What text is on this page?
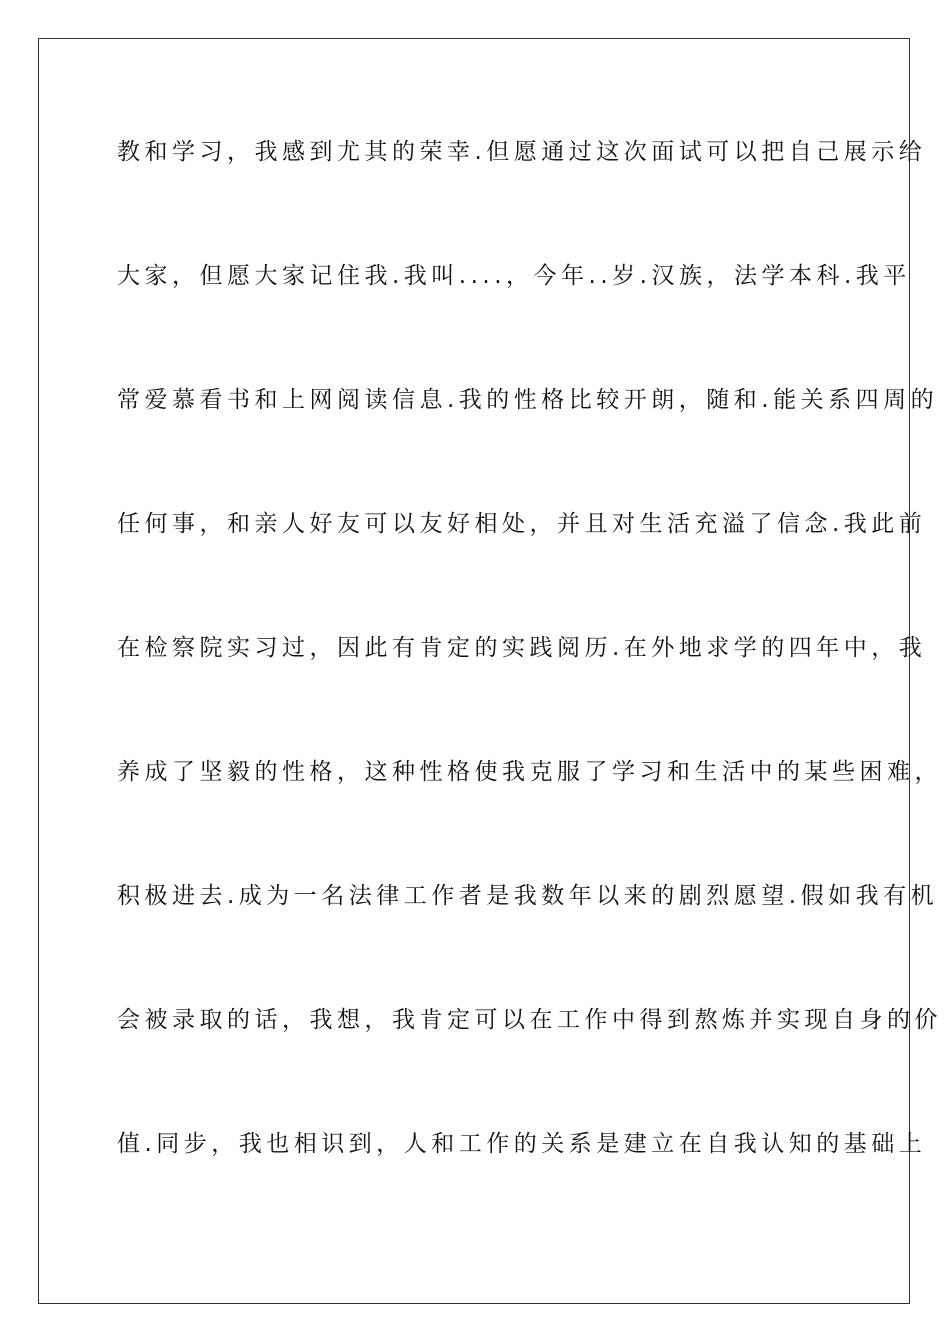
教和学习，我感到尤其的荣幸.但愿通过这次面试可以把自己展示给
大家，但愿大家记住我.我叫....，今年..岁.汉族，法学本科.我平
常爱慕看书和上网阅读信息.我的性格比较开朗，随和.能关系四周的
任何事，和亲人好友可以友好相处，并且对生活充溢了信念.我此前
在检察院实习过，因此有肯定的实践阅历.在外地求学的四年中，我
养成了坚毅的性格，这种性格使我克服了学习和生活中的某些困难，
积极进去.成为一名法律工作者是我数年以来的剧烈愿望.假如我有机
会被录取的话，我想，我肯定可以在工作中得到熬炼并实现自身的价
值.同步，我也相识到，人和工作的关系是建立在自我认知的基础上
